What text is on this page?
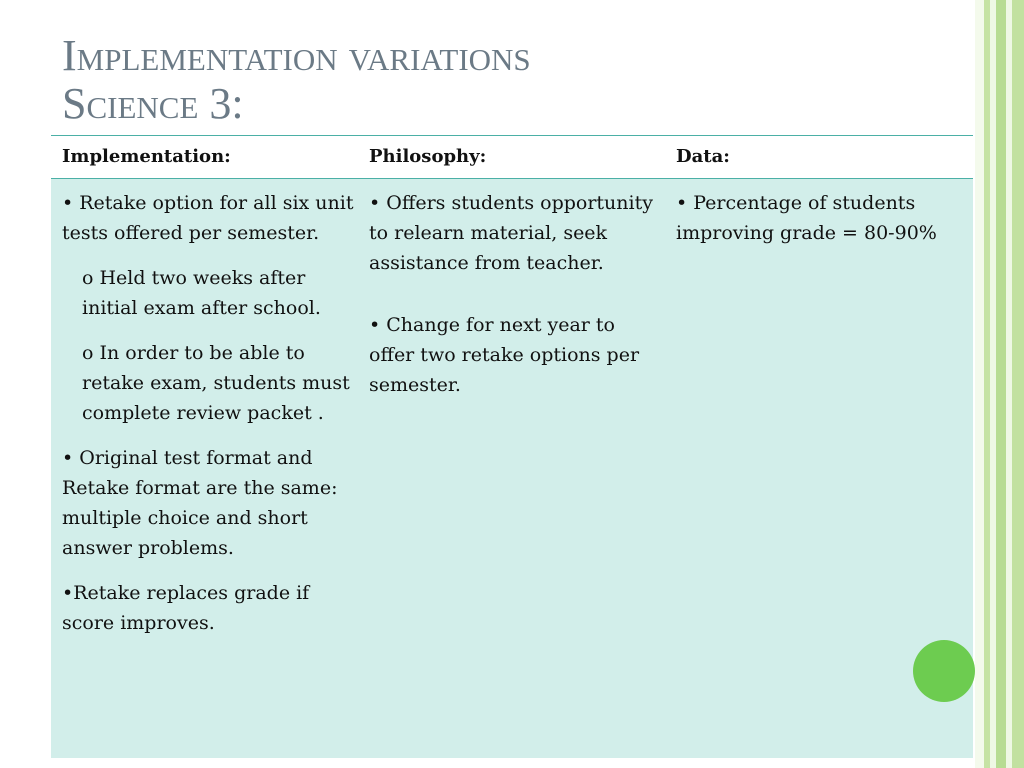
Implementation variations
Science 3:
Implementation:	Philosophy:	Data:

• Retake option for all six unit tests offered per semester.

o Held two weeks after initial exam after school.

o In order to be able to retake exam, students must complete review packet .

• Original test format and Retake format are the same: multiple choice and short answer problems.

•Retake replaces grade if score improves.

• Offers students opportunity to relearn material, seek assistance from teacher.

• Change for next year to offer two retake options per semester.

• Percentage of students improving grade = 80-90%
